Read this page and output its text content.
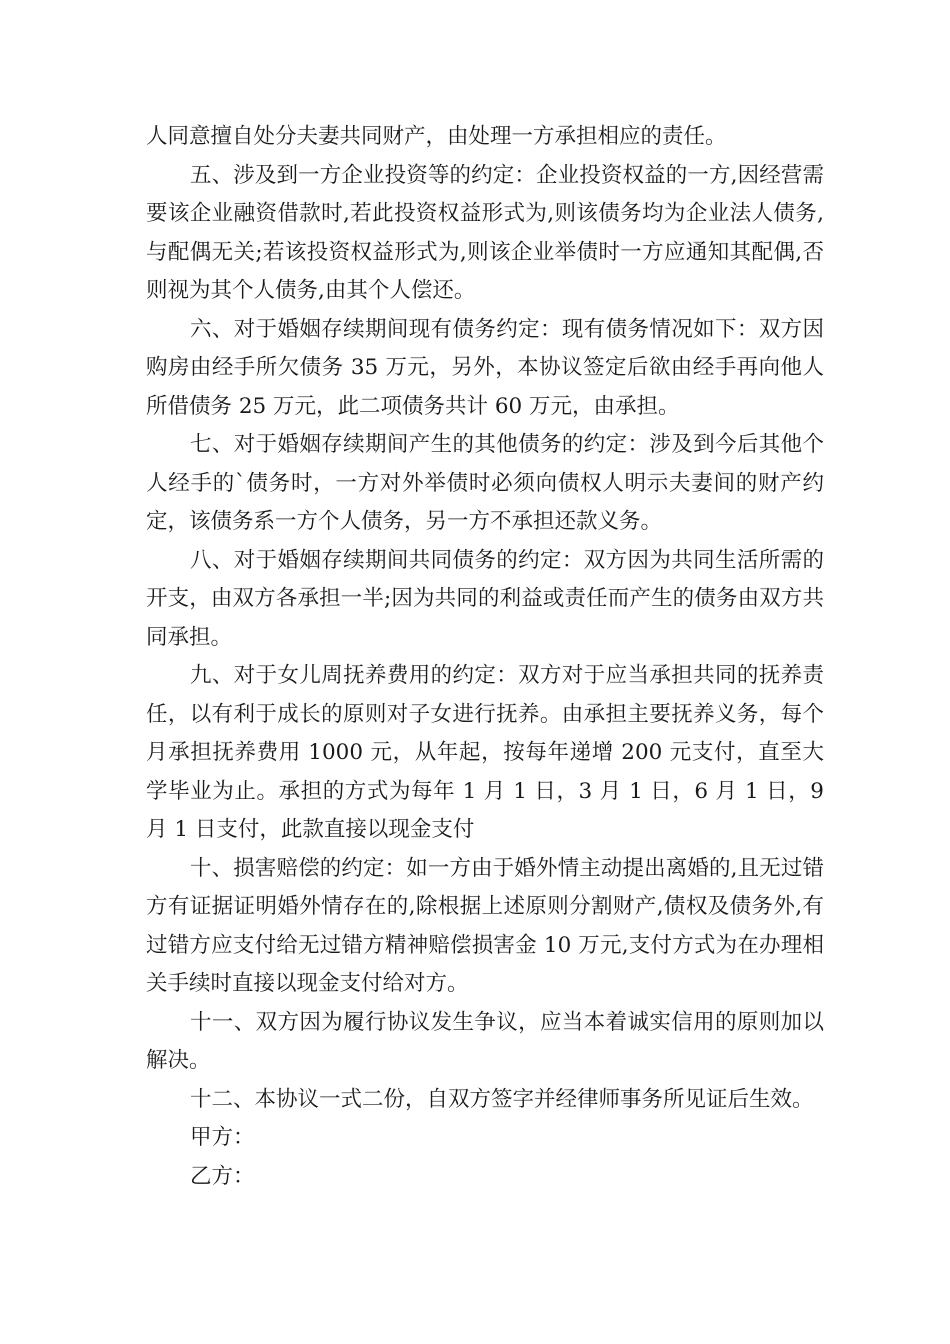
人同意擅自处分夫妻共同财产，由处理一方承担相应的责任。

五、涉及到一方企业投资等的约定：企业投资权益的一方,因经营需要该企业融资借款时,若此投资权益形式为,则该债务均为企业法人债务,与配偶无关;若该投资权益形式为,则该企业举债时一方应通知其配偶,否则视为其个人债务,由其个人偿还。

六、对于婚姻存续期间现有债务约定：现有债务情况如下：双方因购房由经手所欠债务 35 万元，另外，本协议签定后欲由经手再向他人所借债务 25 万元，此二项债务共计 60 万元，由承担。

七、对于婚姻存续期间产生的其他债务的约定：涉及到今后其他个人经手的`债务时，一方对外举债时必须向债权人明示夫妻间的财产约定，该债务系一方个人债务，另一方不承担还款义务。

八、对于婚姻存续期间共同债务的约定：双方因为共同生活所需的开支，由双方各承担一半;因为共同的利益或责任而产生的债务由双方共同承担。

九、对于女儿周抚养费用的约定：双方对于应当承担共同的抚养责任，以有利于成长的原则对子女进行抚养。由承担主要抚养义务，每个月承担抚养费用 1000 元，从年起，按每年递增 200 元支付，直至大学毕业为止。承担的方式为每年 1 月 1 日，3 月 1 日，6 月 1 日，9 月 1 日支付，此款直接以现金支付

十、损害赔偿的约定：如一方由于婚外情主动提出离婚的,且无过错方有证据证明婚外情存在的,除根据上述原则分割财产,债权及债务外,有过错方应支付给无过错方精神赔偿损害金 10 万元,支付方式为在办理相关手续时直接以现金支付给对方。

十一、双方因为履行协议发生争议，应当本着诚实信用的原则加以解决。

十二、本协议一式二份，自双方签字并经律师事务所见证后生效。

甲方：

乙方：
